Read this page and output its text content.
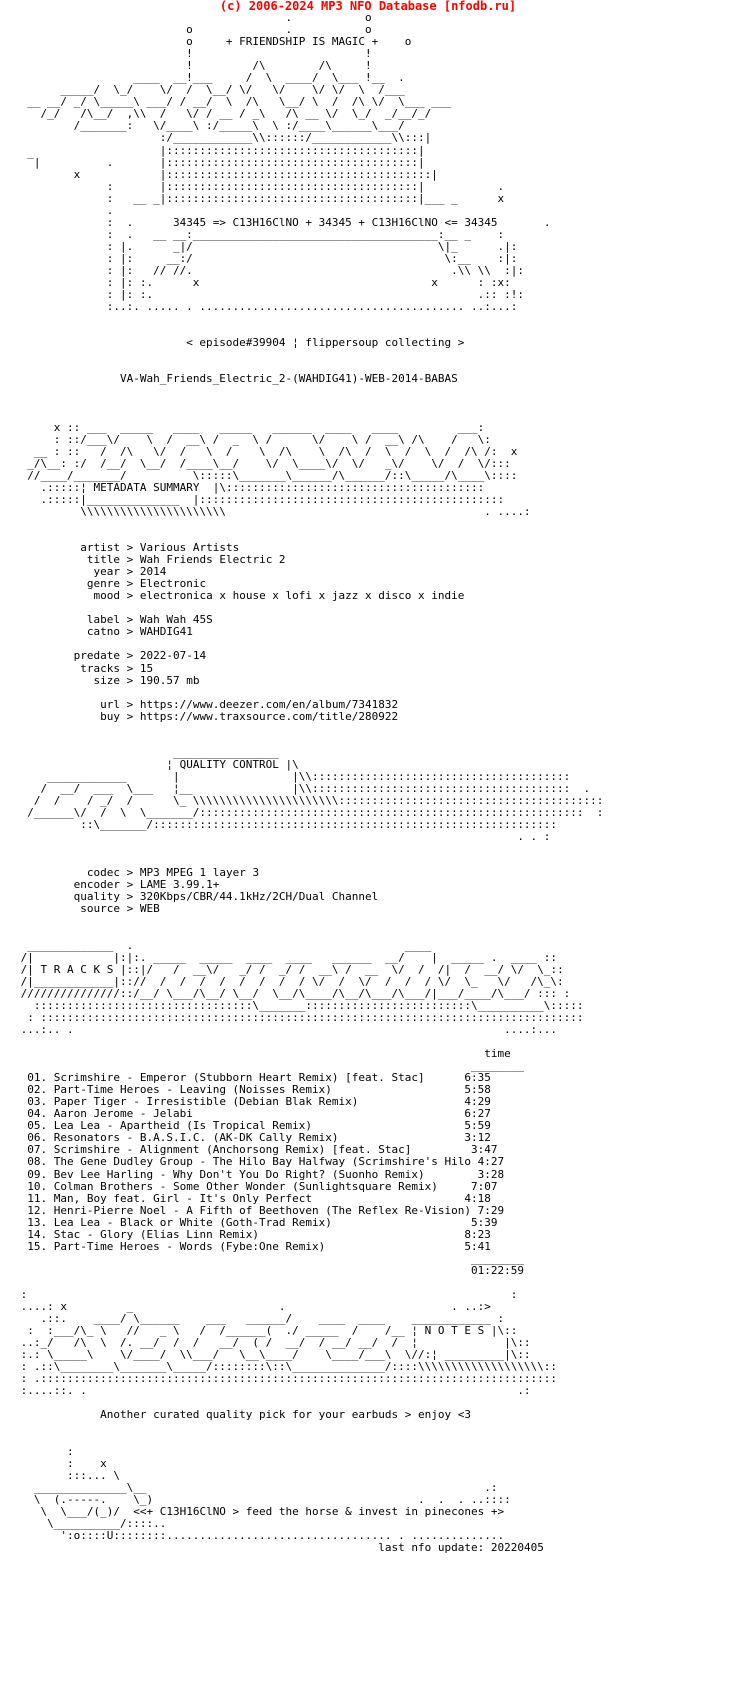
(c) 2006-2024 MP3 NFO Database [nfodb.ru]
.           o
o              .           o
o	+ FRIENDSHIP IS MAGIC +    o
!                          !
!         /\        /\     !
____  __!___     /  \  ____/  \___ !__  .
_____/  \_/    \/  /  \__/ \/   \/    \/ \/  \  /___
__ __/ _/ \_____\ ___/ / __/  \  /\   \__/ \  /  /\ \/  \___ ___
/_/   /\__/  ,\\  /   \/ / __ / _\   /\ __ \/  \_/  _/__/_/
/_______:   \/____\ :/_____\  \ :/____\______\___/
:/____________\\::::::/____________\\:::|
|::::::::::::::::::::::::::::::::::::::|
‾|          .       |::::::::::::::::::::::::::::::::::::::|
x            |::::::::::::::::::::::::::::::::::::::::|
:       |::::::::::::::::::::::::::::::::::::::|           .
:   __ _|::::::::::::::::::::::::::::::::::::::|___ _      x
.
:  .	34345 => C13H16ClNO + 34345 + C13H16ClNO <= 34345	.
:  .   __ __:_____________________________________:__ _    :
: |.      _|/                                     \|_      .|:
: |:     __:/                                      \:__    :|:
: |:   // //.                                       .\\ \\  :|:
: |: :.      x                                   x      : :x:
: |: :.                                                 .:: :!:
:..:. ..... . ........................................ ..:...:

< episode#39904 ¦ flippersoup collecting >

VA-Wah_Friends_Electric_2-(WAHDIG41)-WEB-2014-BABAS

x :: ___  _____   ____   _____   ______  ____   ____         ___:
: ::/___\/    \  /  __\ /  _  \ /      \/    \ /  __\ /\    /   \:
__ : ::   /  /\   \/  /   \  /    \  /\    \  /\  /  \  /  \  /  /\ /:  x
_/\__: :/  /__/  \__/  /____\__/    \/  \____\/  \/   _\/    \/  /  \/:::
//____/_______/          \:::::\_______\______/\______/::\_____/\____\::::
.:::::¦ METADATA SUMMARY  |\:::::::::::::::::::::::::::::::::::::::
.:::::|______________  |::::::::::::::::::::::::::::::::::::::::::::::
\\\\\\\\\\\\\\\\\\\\\\                                       . ....:

artist > Various Artists
title > Wah Friends Electric 2
year > 2014
genre > Electronic
mood > electronica x house x lofi x jazz x disco x indie

label > Wah Wah 45S
catno > WAHDIG41

predate > 2022-07-14
tracks > 15
size > 190.57 mb

url > https://www.deezer.com/en/album/7341832
buy > https://www.traxsource.com/title/280922

________________
¦ QUALITY CONTROL |\
____________       |                 |\\:::::::::::::::::::::::::::::::::::::::
/  __/  ___  \___   ¦__               |\\:::::::::::::::::::::::::::::::::::::::  .
/  /    / _/  /      \_ \\\\\\\\\\\\\\\\\\\\\\::::::::::::::::::::::::::::::::::::::::
/______\/  /  \  \_______/::::::::::::::::::::::::::::::::::::::::::::::::::::::::::  :
::\_______/:::::::::::::::::::::::::::::::::::::::::::::::::::::::::::::
. . :

codec > MP3 MPEG 1 layer 3
encoder > LAME 3.99.1+
quality > 320Kbps/CBR/44.1kHz/2CH/Dual Channel
source > WEB

_____________  .                                         ____
/|            |:|:. _____  _____  ____  ____   ______  __/    |  _____ .  ____ ::
/| T R A C K S |::|/   /  __\/   _/ /  _/ /  __\ /  __  \/  /  /|  /  __/ \/  \_::
/|____________|:://  /  /  /  /  /  /  /  / \/  /  \/  /  /  / \/  \_   \/   /\_\:
///////////////::/__/ \___/\__/ \__/  \__/\____/\__/\___/\___/|___/____/\___/ ::: :
:::::::::::::::::::::::::::::::::\_______:::::::::::::::::::::::::\__________\:::::
: ::::::::::::::::::::::::::::::::::::::::::::::::::::::::::::::::::::::::::::::::::
...:.. .                                                                 ....:...

time
________
01. Scrimshire - Emperor (Stubborn Heart Remix) [feat. Stac]	6:35
02. Part-Time Heroes - Leaving (Noisses Remix)	5:58
03. Paper Tiger - Irresistible (Debian Blak Remix)	4:29
04. Aaron Jerome - Jelabi	6:27
05. Lea Lea - Apartheid (Is Tropical Remix)	5:59
06. Resonators - B.A.S.I.C. (AK-DK Cally Remix)	3:12
07. Scrimshire - Alignment (Anchorsong Remix) [feat. Stac]	3:47
08. The Gene Dudley Group - The Hilo Bay Halfway (Scrimshire's Hilo 4:27
09. Bev Lee Harling - Why Don't You Do Right? (Suonho Remix)	3:28
10. Colman Brothers - Some Other Wonder (Sunlightsquare Remix)	7:07
11. Man, Boy feat. Girl - It's Only Perfect	4:18
12. Henri-Pierre Noel - A Fifth of Beethoven (The Reflex Re-Vision) 7:29
13. Lea Lea - Black or White (Goth-Trad Remix)	5:39
14. Stac - Glory (Elias Linn Remix)	8:23
15. Part-Time Heroes - Words (Fybe:One Remix)	5:41
________
01:22:59

:                                                                         :
....: x         _                      .                         . ..:>
.::.    ____/ \______    ___   ______/    ____  ____    ____________ :
:  :___/\_ \   //   _ \   /  /______(  ./ _____  /    /__ ¦ N O T E S |\::
..:_/   /\  \  /. __/  /  /   __/  ( /  __/  / __/ __/  /  ¦             |\::
:.: \_____\    \/____/  \\___/   \__\____/    \____/___\  \//:¦ _________|\::
: .::\________\_______\_____/::::::::\::\______________/::::\\\\\\\\\\\\\\\\\\\::
: .::::::::::::::::::::::::::::::::::::::::::::::::::::::::::::::::::::::::::::::
:....::. .                                                                 .:

Another curated quality pick for your earbuds > enjoy <3

:
:    x
:::... \
______________\__                                                   .:
\  (.-----.    \_)                                        .  .  . ..::::
\  \___/(_)/  <<+ C13H16ClNO > feed the horse & invest in pinecones +>
\__________/::::..
':o::::U::::::::.................................. . ..............
last nfo update: 20220405
